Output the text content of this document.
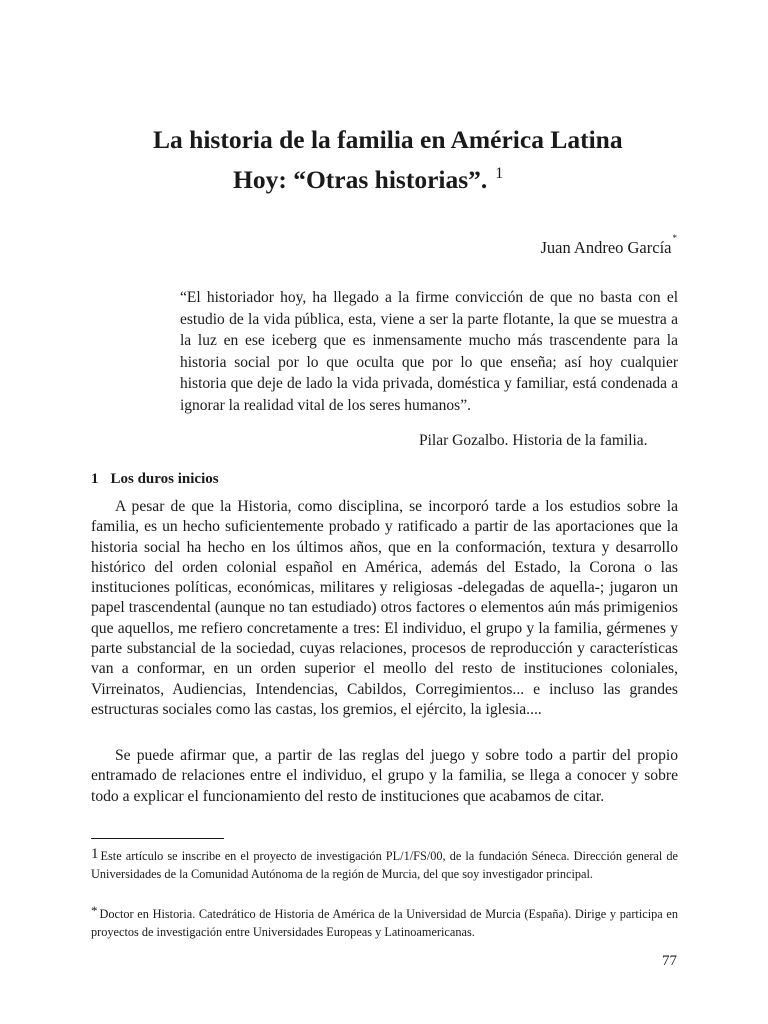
La historia de la familia en América Latina
Hoy: “Otras historias”. $^1$
Juan Andreo García*

“El historiador hoy, ha llegado a la firme convicción de que no basta con el estudio de la vida pública, esta, viene a ser la parte flotante, la que se muestra a la luz en ese iceberg que es inmensamente mucho más trascendente para la historia social por lo que oculta que por lo que enseña; así hoy cualquier historia que deje de lado la vida privada, doméstica y familiar, está condenada a ignorar la realidad vital de los seres humanos”.

Pilar Gozalbo. Historia de la familia.
1 Los duros inicios

A pesar de que la Historia, como disciplina, se incorporó tarde a los estudios sobre la familia, es un hecho suficientemente probado y ratificado a partir de las aportaciones que la historia social ha hecho en los últimos años, que en la conformación, textura y desarrollo histórico del orden colonial español en América, además del Estado, la Corona o las instituciones políticas, económicas, militares y religiosas -delegadas de aquella-; jugaron un papel trascendental (aunque no tan estudiado) otros factores o elementos aún más primigenios que aquellos, me refiero concretamente a tres: El individuo, el grupo y la familia, gérmenes y parte substancial de la sociedad, cuyas relaciones, procesos de reproducción y características van a conformar, en un orden superior el meollo del resto de instituciones coloniales, Virreinatos, Audiencias, Intendencias, Cabildos, Corregimientos... e incluso las grandes estructuras sociales como las castas, los gremios, el ejército, la iglesia....

Se puede afirmar que, a partir de las reglas del juego y sobre todo a partir del propio entramado de relaciones entre el individuo, el grupo y la familia, se llega a conocer y sobre todo a explicar el funcionamiento del resto de instituciones que acabamos de citar.

1 Este artículo se inscribe en el proyecto de investigación PL/1/FS/00, de la fundación Séneca. Dirección general de Universidades de la Comunidad Autónoma de la región de Murcia, del que soy investigador principal.
* Doctor en Historia. Catedrático de Historia de América de la Universidad de Murcia (España). Dirige y participa en proyectos de investigación entre Universidades Europeas y Latinoamericanas.
77
